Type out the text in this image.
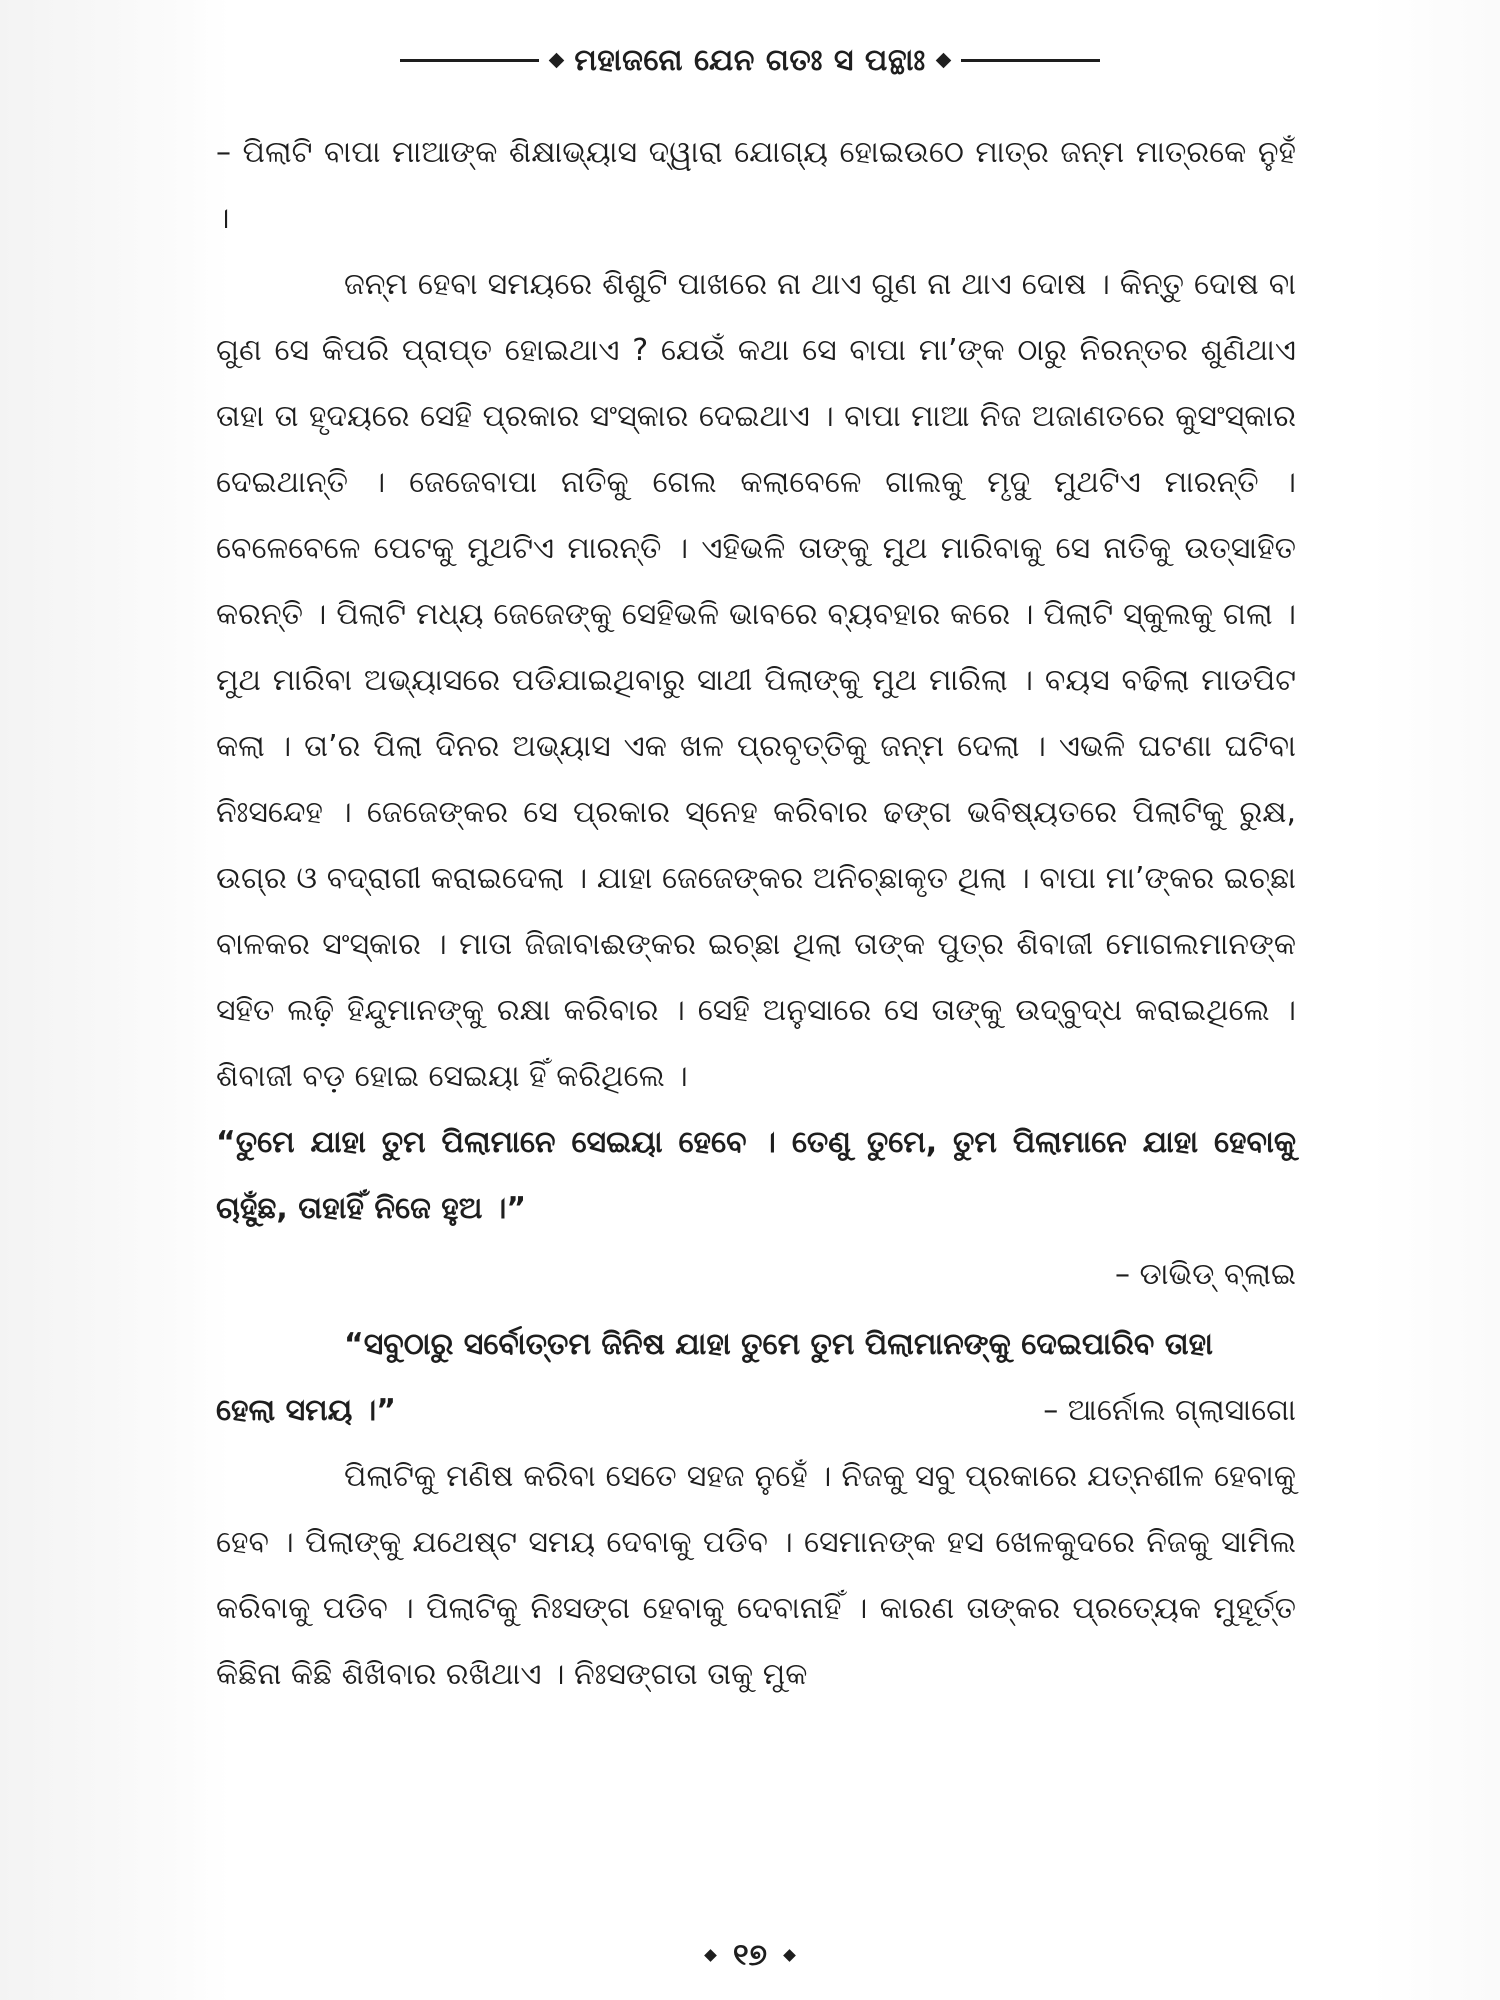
ମହାଜନୋ ଯେନ ଗତଃ ସ ପନ୍ଥାଃ

– ପିଲାଟି ବାପା ମାଆଙ୍କ ଶିକ୍ଷାଭ୍ୟାସ ଦ୍ୱାରା ଯୋଗ୍ୟ ହୋଇଉଠେ ମାତ୍ର ଜନ୍ମ ମାତ୍ରକେ ନୁହଁ ।

ଜନ୍ମ ହେବା ସମୟରେ ଶିଶୁଟି ପାଖରେ ନା ଥାଏ ଗୁଣ ନା ଥାଏ ଦୋଷ । କିନ୍ତୁ ଦୋଷ ବା ଗୁଣ ସେ କିପରି ପ୍ରାପ୍ତ ହୋଇଥାଏ ? ଯେଉଁ କଥା ସେ ବାପା ମା’ଙ୍କ ଠାରୁ ନିରନ୍ତର ଶୁଣିଥାଏ ତାହା ତା ହୃଦୟରେ ସେହି ପ୍ରକାର ସଂସ୍କାର ଦେଇଥାଏ । ବାପା ମାଆ ନିଜ ଅଜାଣତରେ କୁସଂସ୍କାର ଦେଇଥାନ୍ତି । ଜେଜେବାପା ନାତିକୁ ଗେଲ କଲାବେଳେ ଗାଲକୁ ମୃଦୁ ମୁଥଟିଏ ମାରନ୍ତି । ବେଳେବେଳେ ପେଟକୁ ମୁଥଟିଏ ମାରନ୍ତି । ଏହିଭଳି ତାଙ୍କୁ ମୁଥ ମାରିବାକୁ ସେ ନାତିକୁ ଉତ୍ସାହିତ କରନ୍ତି । ପିଲାଟି ମଧ୍ୟ ଜେଜେଙ୍କୁ ସେହିଭଳି ଭାବରେ ବ୍ୟବହାର କରେ । ପିଲାଟି ସ୍କୁଲକୁ ଗଲା । ମୁଥ ମାରିବା ଅଭ୍ୟାସରେ ପଡିଯାଇଥିବାରୁ ସାଥୀ ପିଲାଙ୍କୁ ମୁଥ ମାରିଲା । ବୟସ ବଢିଲା ମାଡପିଟ କଲା । ତା’ର ପିଲା ଦିନର ଅଭ୍ୟାସ ଏକ ଖଳ ପ୍ରବୃତ୍ତିକୁ ଜନ୍ମ ଦେଲା । ଏଭଳି ଘଟଣା ଘଟିବା ନିଃସନ୍ଦେହ । ଜେଜେଙ୍କର ସେ ପ୍ରକାର ସ୍ନେହ କରିବାର ଢଙ୍ଗ ଭବିଷ୍ୟତରେ ପିଲାଟିକୁ ରୁକ୍ଷ, ଉଗ୍ର ଓ ବଦ୍‌ରାଗୀ କରାଇଦେଲା । ଯାହା ଜେଜେଙ୍କର ଅନିଚ୍ଛାକୃତ ଥିଲା । ବାପା ମା’ଙ୍କର ଇଚ୍ଛା ବାଳକର ସଂସ୍କାର । ମାତା ଜିଜାବାଈଙ୍କର ଇଚ୍ଛା ଥିଲା ତାଙ୍କ ପୁତ୍ର ଶିବାଜୀ ମୋଗଲମାନଙ୍କ ସହିତ ଲଢ଼ି ହିନ୍ଦୁମାନଙ୍କୁ ରକ୍ଷା କରିବାର । ସେହି ଅନୁସାରେ ସେ ତାଙ୍କୁ ଉଦ୍‌ବୁଦ୍ଧ କରାଇଥିଲେ । ଶିବାଜୀ ବଡ଼ ହୋଇ ସେଇୟା ହିଁ କରିଥିଲେ ।

“ତୁମେ ଯାହା ତୁମ ପିଲାମାନେ ସେଇୟା ହେବେ । ତେଣୁ ତୁମେ, ତୁମ ପିଲାମାନେ ଯାହା ହେବାକୁ ଚାହୁଁଛ, ତାହାହିଁ ନିଜେ ହୁଅ ।”

– ଡାଭିଡ୍ ବ୍ଲାଇ

“ସବୁଠାରୁ ସର୍ବୋତ୍ତମ ଜିନିଷ ଯାହା ତୁମେ ତୁମ ପିଲାମାନଙ୍କୁ ଦେଇପାରିବ ତାହା

ହେଲା ସମୟ ।”	– ଆର୍ନୋଲ ଗ୍ଲାସାଗୋ

ପିଲାଟିକୁ ମଣିଷ କରିବା ସେତେ ସହଜ ନୁହେଁ । ନିଜକୁ ସବୁ ପ୍ରକାରେ ଯତ୍ନଶୀଳ ହେବାକୁ ହେବ । ପିଲାଙ୍କୁ ଯଥେଷ୍ଟ ସମୟ ଦେବାକୁ ପଡିବ । ସେମାନଙ୍କ ହସ ଖେଳକୁଦରେ ନିଜକୁ ସାମିଲ କରିବାକୁ ପଡିବ । ପିଲାଟିକୁ ନିଃସଙ୍ଗ ହେବାକୁ ଦେବାନାହିଁ । କାରଣ ତାଙ୍କର ପ୍ରତ୍ୟେକ ମୁହୂର୍ତ୍ତ କିଛିନା କିଛି ଶିଖିବାର ରଖିଥାଏ । ନିଃସଙ୍ଗତା ତାକୁ ମୁକ

୧୭
